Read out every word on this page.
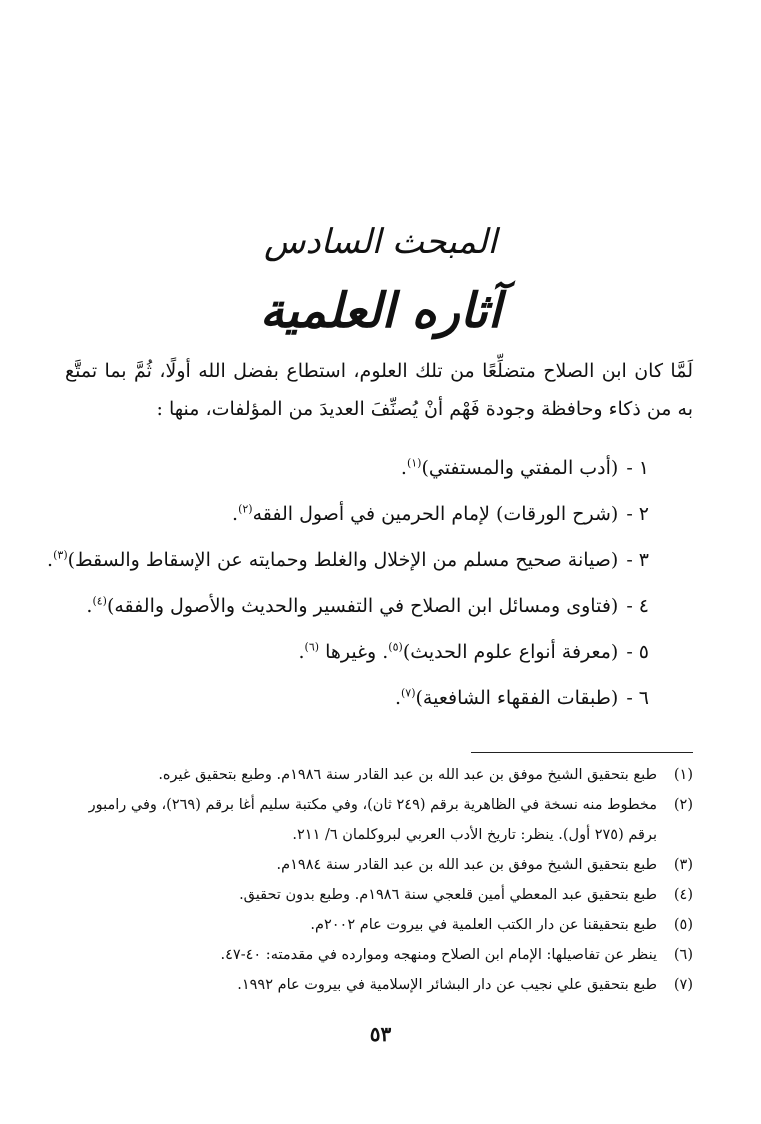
المبحث السادس
آثاره العلمية

لَمَّا كان ابن الصلاح متضلِّعًا من تلك العلوم، استطاع بفضل الله أولًا، ثُمَّ بما تمتَّع به من ذكاء وحافظة وجودة فَهْم أنْ يُصنِّفَ العديدَ من المؤلفات، منها :

١ -(أدب المفتي والمستفتي)$^{(١)}$.
٢ -(شرح الورقات) لإمام الحرمين في أصول الفقه$^{(٢)}$.
٣ -(صيانة صحيح مسلم من الإخلال والغلط وحمايته عن الإسقاط والسقط)$^{(٣)}$.
٤ -(فتاوى ومسائل ابن الصلاح في التفسير والحديث والأصول والفقه)$^{(٤)}$.
٥ -(معرفة أنواع علوم الحديث)$^{(٥)}$. وغيرها $^{(٦)}$.
٦ -(طبقات الفقهاء الشافعية)$^{(٧)}$.
(١)
طبع بتحقيق الشيخ موفق بن عبد الله بن عبد القادر سنة ١٩٨٦م. وطبع بتحقيق غيره.
(٢)
مخطوط منه نسخة في الظاهرية برقم (٢٤٩ ثان)، وفي مكتبة سليم أغا برقم (٢٦٩)، وفي رامبور برقم (٢٧٥ أول). ينظر: تاريخ الأدب العربي لبروكلمان ٦/ ٢١١.
(٣)
طبع بتحقيق الشيخ موفق بن عبد الله بن عبد القادر سنة ١٩٨٤م.
(٤)
طبع بتحقيق عبد المعطي أمين قلعجي سنة ١٩٨٦م. وطبع بدون تحقيق.
(٥)
طبع بتحقيقنا عن دار الكتب العلمية في بيروت عام ٢٠٠٢م.
(٦)
ينظر عن تفاصيلها: الإمام ابن الصلاح ومنهجه وموارده في مقدمته: ٤٠-٤٧.
(٧)
طبع بتحقيق علي نجيب عن دار البشائر الإسلامية في بيروت عام ١٩٩٢.
٥٣
